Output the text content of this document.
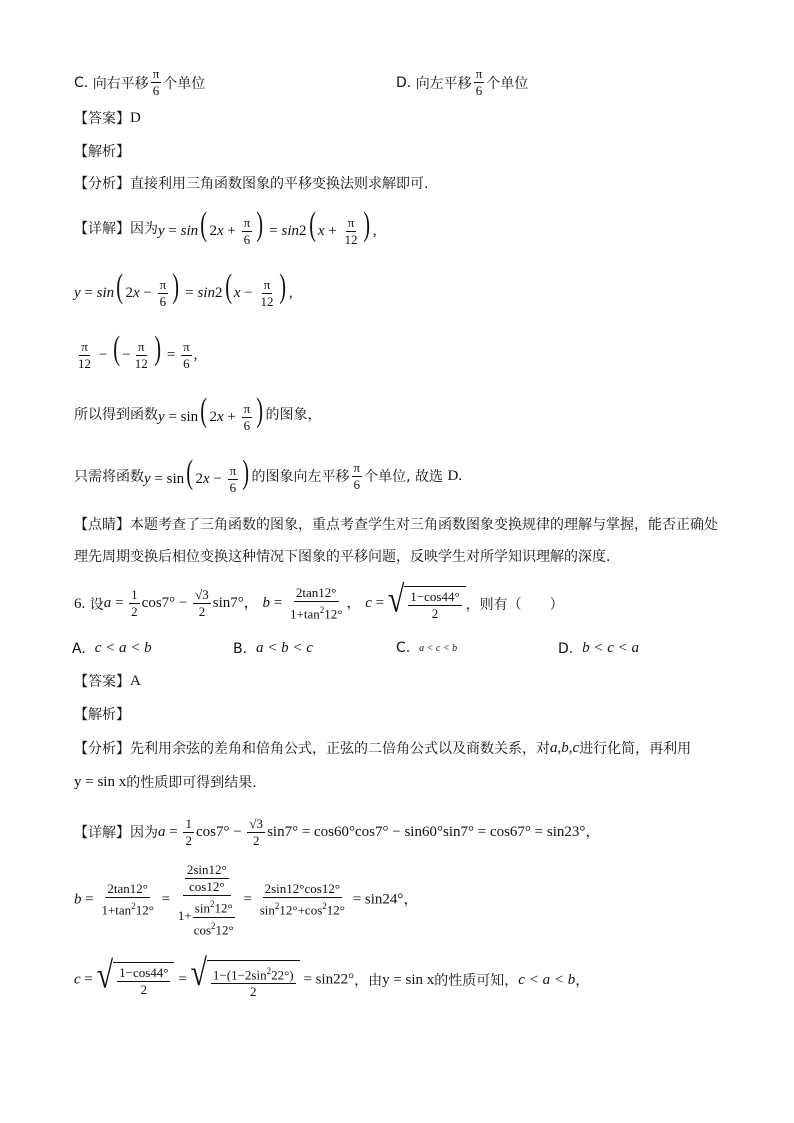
C.
向右平移 $\frac{\pi}{6}$ 个单位	D.
向左平移 $\frac{\pi}{6}$ 个单位
【答案】 D
【解析】
【分析】 直接利用三角函数图象的平移变换法则求解即可.
【详解】 因为 y = sin( $2x + \frac{\pi}{6}$ ) = sin2( $x + \frac{\pi}{12}$ ) ,
y = sin( $2x - \frac{\pi}{6}$ ) = sin2( $x - \frac{\pi}{12}$ ) ,
$\frac{\pi}{12}$ − ( − $\frac{\pi}{12}$ ) = $\frac{\pi}{6}$ ,
所以得到函数 y = sin( $2x + \frac{\pi}{6}$ ) 的图象，
只需将函数 y = sin( $2x - \frac{\pi}{6}$ ) 的图象向左平移 $\frac{\pi}{6}$ 个单位, 故选
D.
【点睛】 本题考查了三角函数的图象，重点考查学生对三角函数图象变换规律的理解与掌握，能否正确处
理先周期变换后相位变换这种情况下图象的平移问题，反映学生对所学知识理解的深度.
6.
设 $a = \frac{1}{2} \cos 7^\circ - \frac{√3}{2} \sin 7^\circ$， $b = \frac{2\tan 12^\circ}{1+\tan^212^\circ}$ ， c = √ $\frac{1-\cos 44^\circ}{2}$ ，则有（　　）
A.
c < a < b	B.
a < b < c	C.
a < c < b	D.
b < c < a
【答案】 A
【解析】
【分析】 先利用余弦的差角和倍角公式，正弦的二倍角公式以及商数关系，对 a,b,c 进行化简，再利用
y = sin x 的性质即可得到结果.
【详解】 因为 $a = \frac{1}{2} \cos 7^\circ - \frac{√3}{2} \sin 7^\circ = \cos 60^\circ\cos 7^\circ - \sin 60^\circ\sin 7^\circ = \cos 67^\circ = \sin 23^\circ$，
$b = \frac{2\tan 12^\circ}{1+\tan^212^\circ} = \frac{\frac{2\sin 12^\circ}{\cos 12^\circ}}{1+ \frac{\sin^212^\circ}{\cos^212^\circ}} = \frac{2\sin 12^\circ\cos 12^\circ}{\sin^212^\circ+\cos^212^\circ} = \sin 24^\circ$，
c = √ $\frac{1-\cos 44^\circ}{2}$ = √ $\frac{1-(1-2\sin^222^\circ)}{2} = \sin 22^\circ$ ，由 y = sin x 的性质可知， c < a < b ，
